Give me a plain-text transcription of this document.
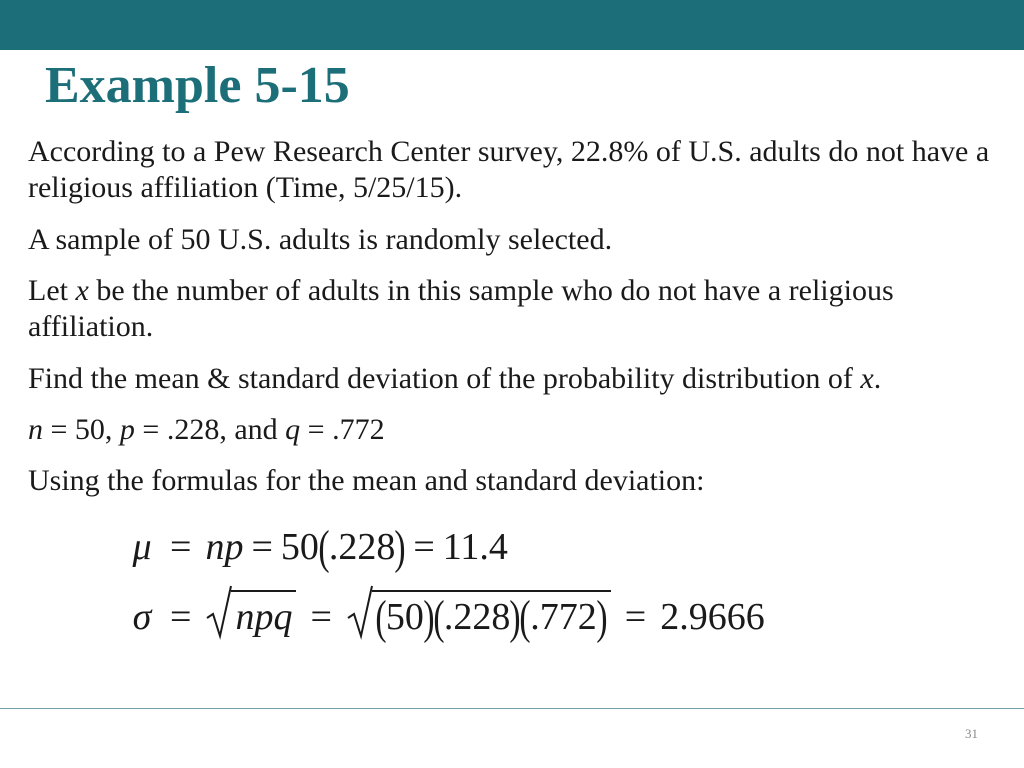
Example 5-15
According to a Pew Research Center survey, 22.8% of U.S. adults do not have a religious affiliation (Time, 5/25/15).
A sample of 50 U.S. adults is randomly selected.
Let x be the number of adults in this sample who do not have a religious affiliation.
Find the mean & standard deviation of the probability distribution of x.
n = 50, p = .228, and q = .772
Using the formulas for the mean and standard deviation:
μ = np = 50(.228) = 11.4
σ = npq = (50)(.228)(.772) = 2.9666
31
